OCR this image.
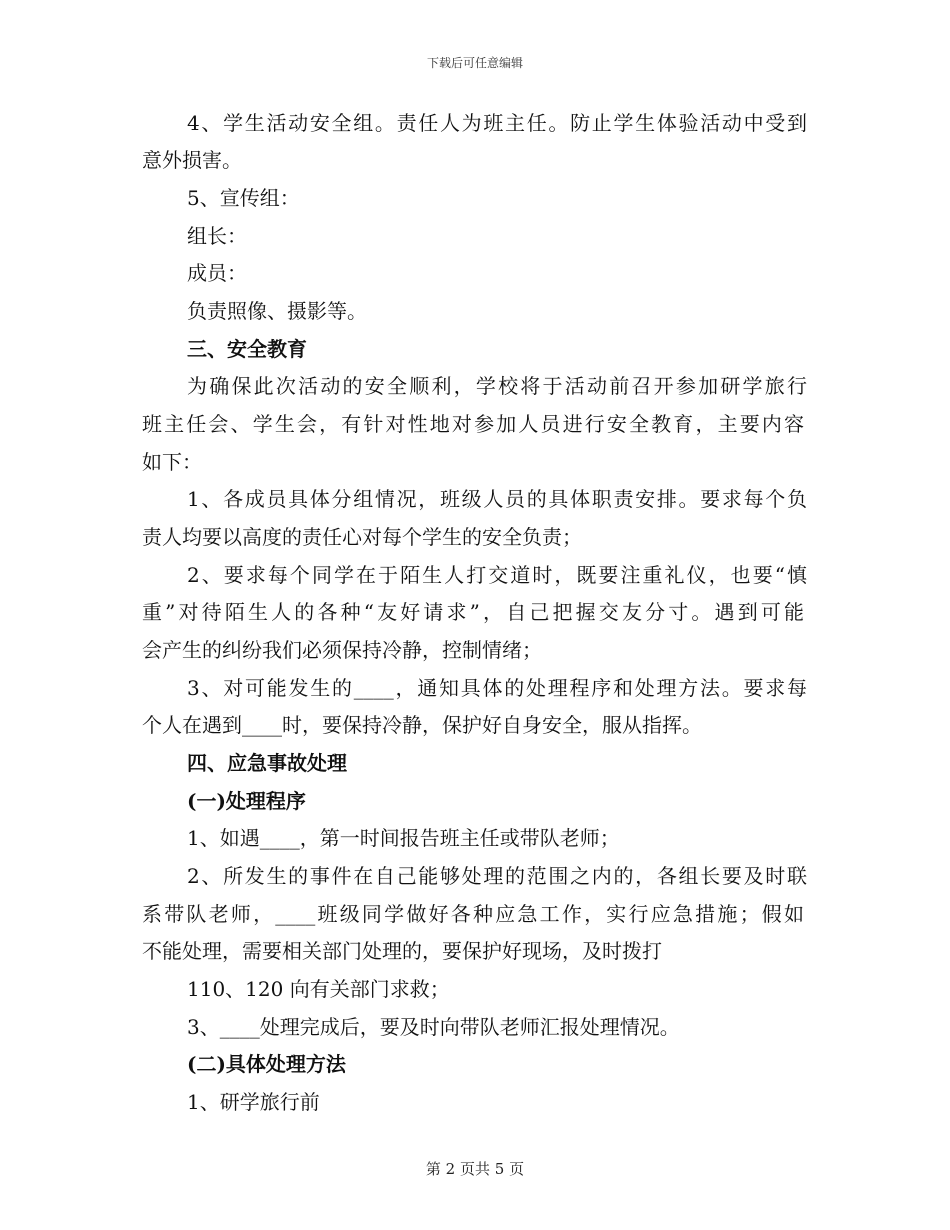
下载后可任意编辑
4、学生活动安全组。责任人为班主任。防止学生体验活动中受到
意外损害。
5、宣传组：
组长：
成员：
负责照像、摄影等。
三、安全教育
为确保此次活动的安全顺利，学校将于活动前召开参加研学旅行
班主任会、学生会，有针对性地对参加人员进行安全教育，主要内容
如下：
1、各成员具体分组情况，班级人员的具体职责安排。要求每个负
责人均要以高度的责任心对每个学生的安全负责；
2、要求每个同学在于陌生人打交道时，既要注重礼仪，也要“慎
重”对待陌生人的各种“友好请求”，自己把握交友分寸。遇到可能
会产生的纠纷我们必须保持冷静，控制情绪；
3、对可能发生的____，通知具体的处理程序和处理方法。要求每
个人在遇到____时，要保持冷静，保护好自身安全，服从指挥。
四、应急事故处理
(一)处理程序
1、如遇____，第一时间报告班主任或带队老师；
2、所发生的事件在自己能够处理的范围之内的，各组长要及时联
系带队老师，____班级同学做好各种应急工作，实行应急措施；假如
不能处理，需要相关部门处理的，要保护好现场，及时拨打
110、120 向有关部门求救；
3、____处理完成后，要及时向带队老师汇报处理情况。
(二)具体处理方法
1、研学旅行前
第 2 页共 5 页
